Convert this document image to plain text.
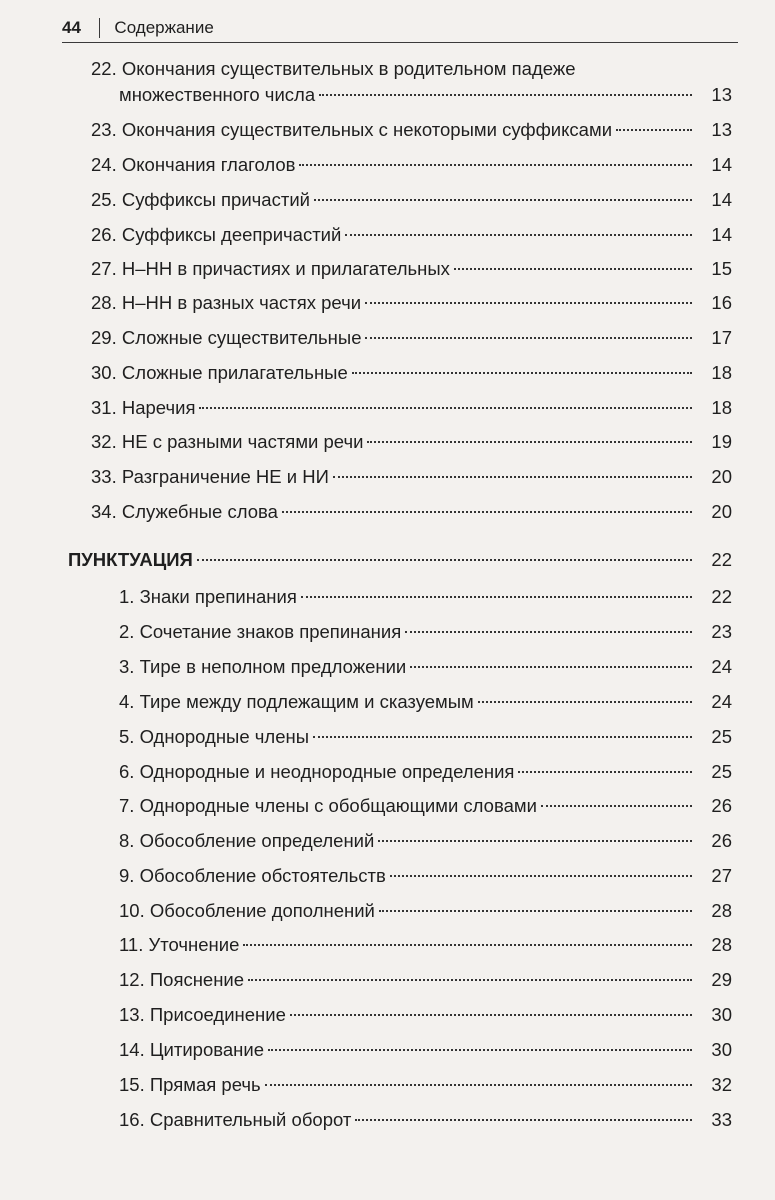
44 Содержание
22. Окончания существительных в родительном падеже
множественного числа	13
23. Окончания существительных с некоторыми суффиксами	13
24. Окончания глаголов	14
25. Суффиксы причастий	14
26. Суффиксы деепричастий	14
27. Н–НН в причастиях и прилагательных	15
28. Н–НН в разных частях речи	16
29. Сложные существительные	17
30. Сложные прилагательные	18
31. Наречия	18
32. НЕ с разными частями речи	19
33. Разграничение НЕ и НИ	20
34. Служебные слова	20
ПУНКТУАЦИЯ	22
1. Знаки препинания	22
2. Сочетание знаков препинания	23
3. Тире в неполном предложении	24
4. Тире между подлежащим и сказуемым	24
5. Однородные члены	25
6. Однородные и неоднородные определения	25
7. Однородные члены с обобщающими словами	26
8. Обособление определений	26
9. Обособление обстоятельств	27
10. Обособление дополнений	28
11. Уточнение	28
12. Пояснение	29
13. Присоединение	30
14. Цитирование	30
15. Прямая речь	32
16. Сравнительный оборот	33
